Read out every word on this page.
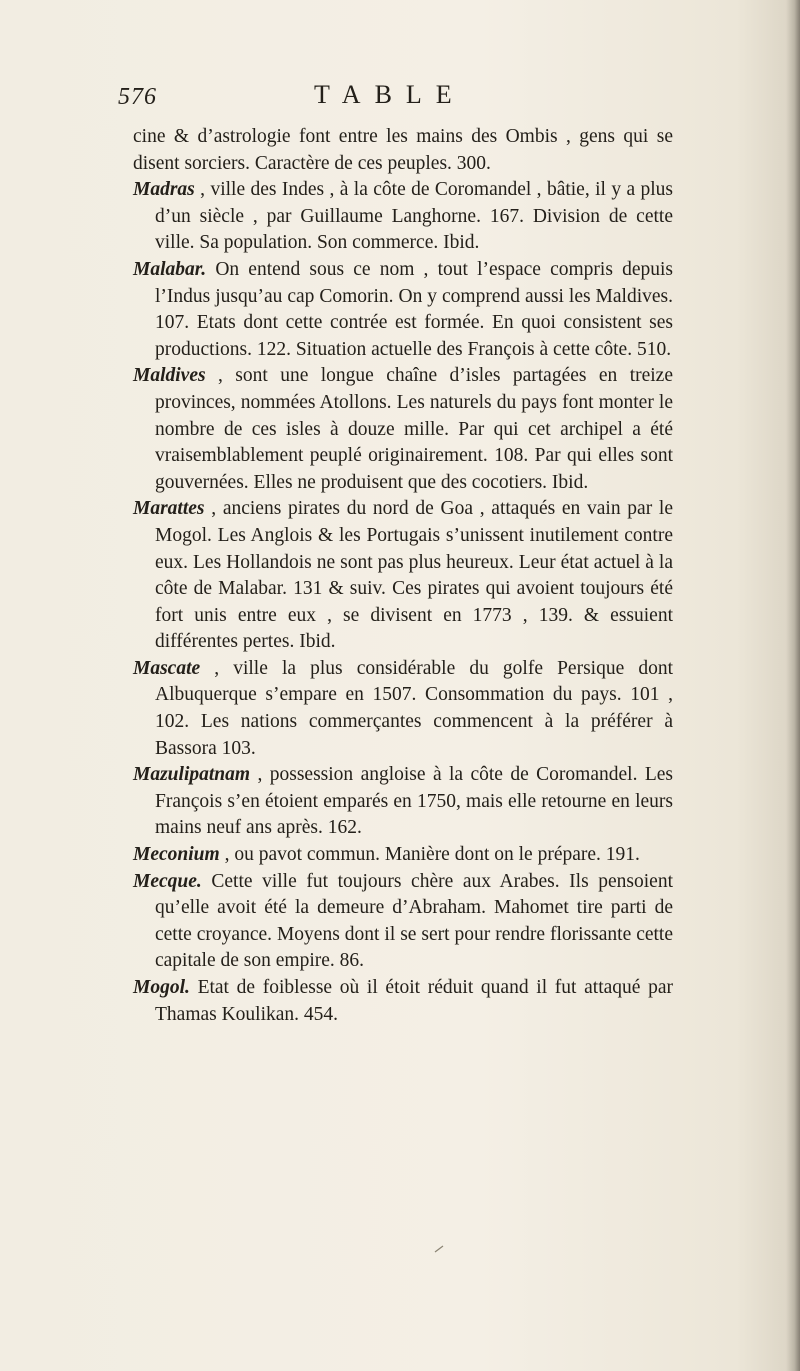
576	TABLE

cine & d’astrologie font entre les mains des Ombis , gens qui se disent sorciers. Caractère de ces peuples. 300.

Madras , ville des Indes , à la côte de Coromandel , bâtie, il y a plus d’un siècle , par Guillaume Langhorne. 167. Division de cette ville. Sa population. Son commerce. Ibid.

Malabar. On entend sous ce nom , tout l’espace compris depuis l’Indus jusqu’au cap Comorin. On y comprend aussi les Maldives. 107. Etats dont cette contrée est formée. En quoi consistent ses productions. 122. Situation actuelle des François à cette côte. 510.

Maldives , sont une longue chaîne d’isles partagées en treize provinces, nommées Atollons. Les naturels du pays font monter le nombre de ces isles à douze mille. Par qui cet archipel a été vraisemblablement peuplé originairement. 108. Par qui elles sont gouvernées. Elles ne produisent que des cocotiers. Ibid.

Marattes , anciens pirates du nord de Goa , attaqués en vain par le Mogol. Les Anglois & les Portugais s’unissent inutilement contre eux. Les Hollandois ne sont pas plus heureux. Leur état actuel à la côte de Malabar. 131 & suiv. Ces pirates qui avoient toujours été fort unis entre eux , se divisent en 1773 , 139. & essuient différentes pertes. Ibid.

Mascate , ville la plus considérable du golfe Persique dont Albuquerque s’empare en 1507. Consommation du pays. 101 , 102. Les nations commerçantes commencent à la préférer à Bassora 103.

Mazulipatnam , possession angloise à la côte de Coromandel. Les François s’en étoient emparés en 1750, mais elle retourne en leurs mains neuf ans après. 162.

Meconium , ou pavot commun. Manière dont on le prépare. 191.

Mecque. Cette ville fut toujours chère aux Arabes. Ils pensoient qu’elle avoit été la demeure d’Abraham. Mahomet tire parti de cette croyance. Moyens dont il se sert pour rendre florissante cette capitale de son empire. 86.

Mogol. Etat de foiblesse où il étoit réduit quand il fut attaqué par Thamas Koulikan. 454.
